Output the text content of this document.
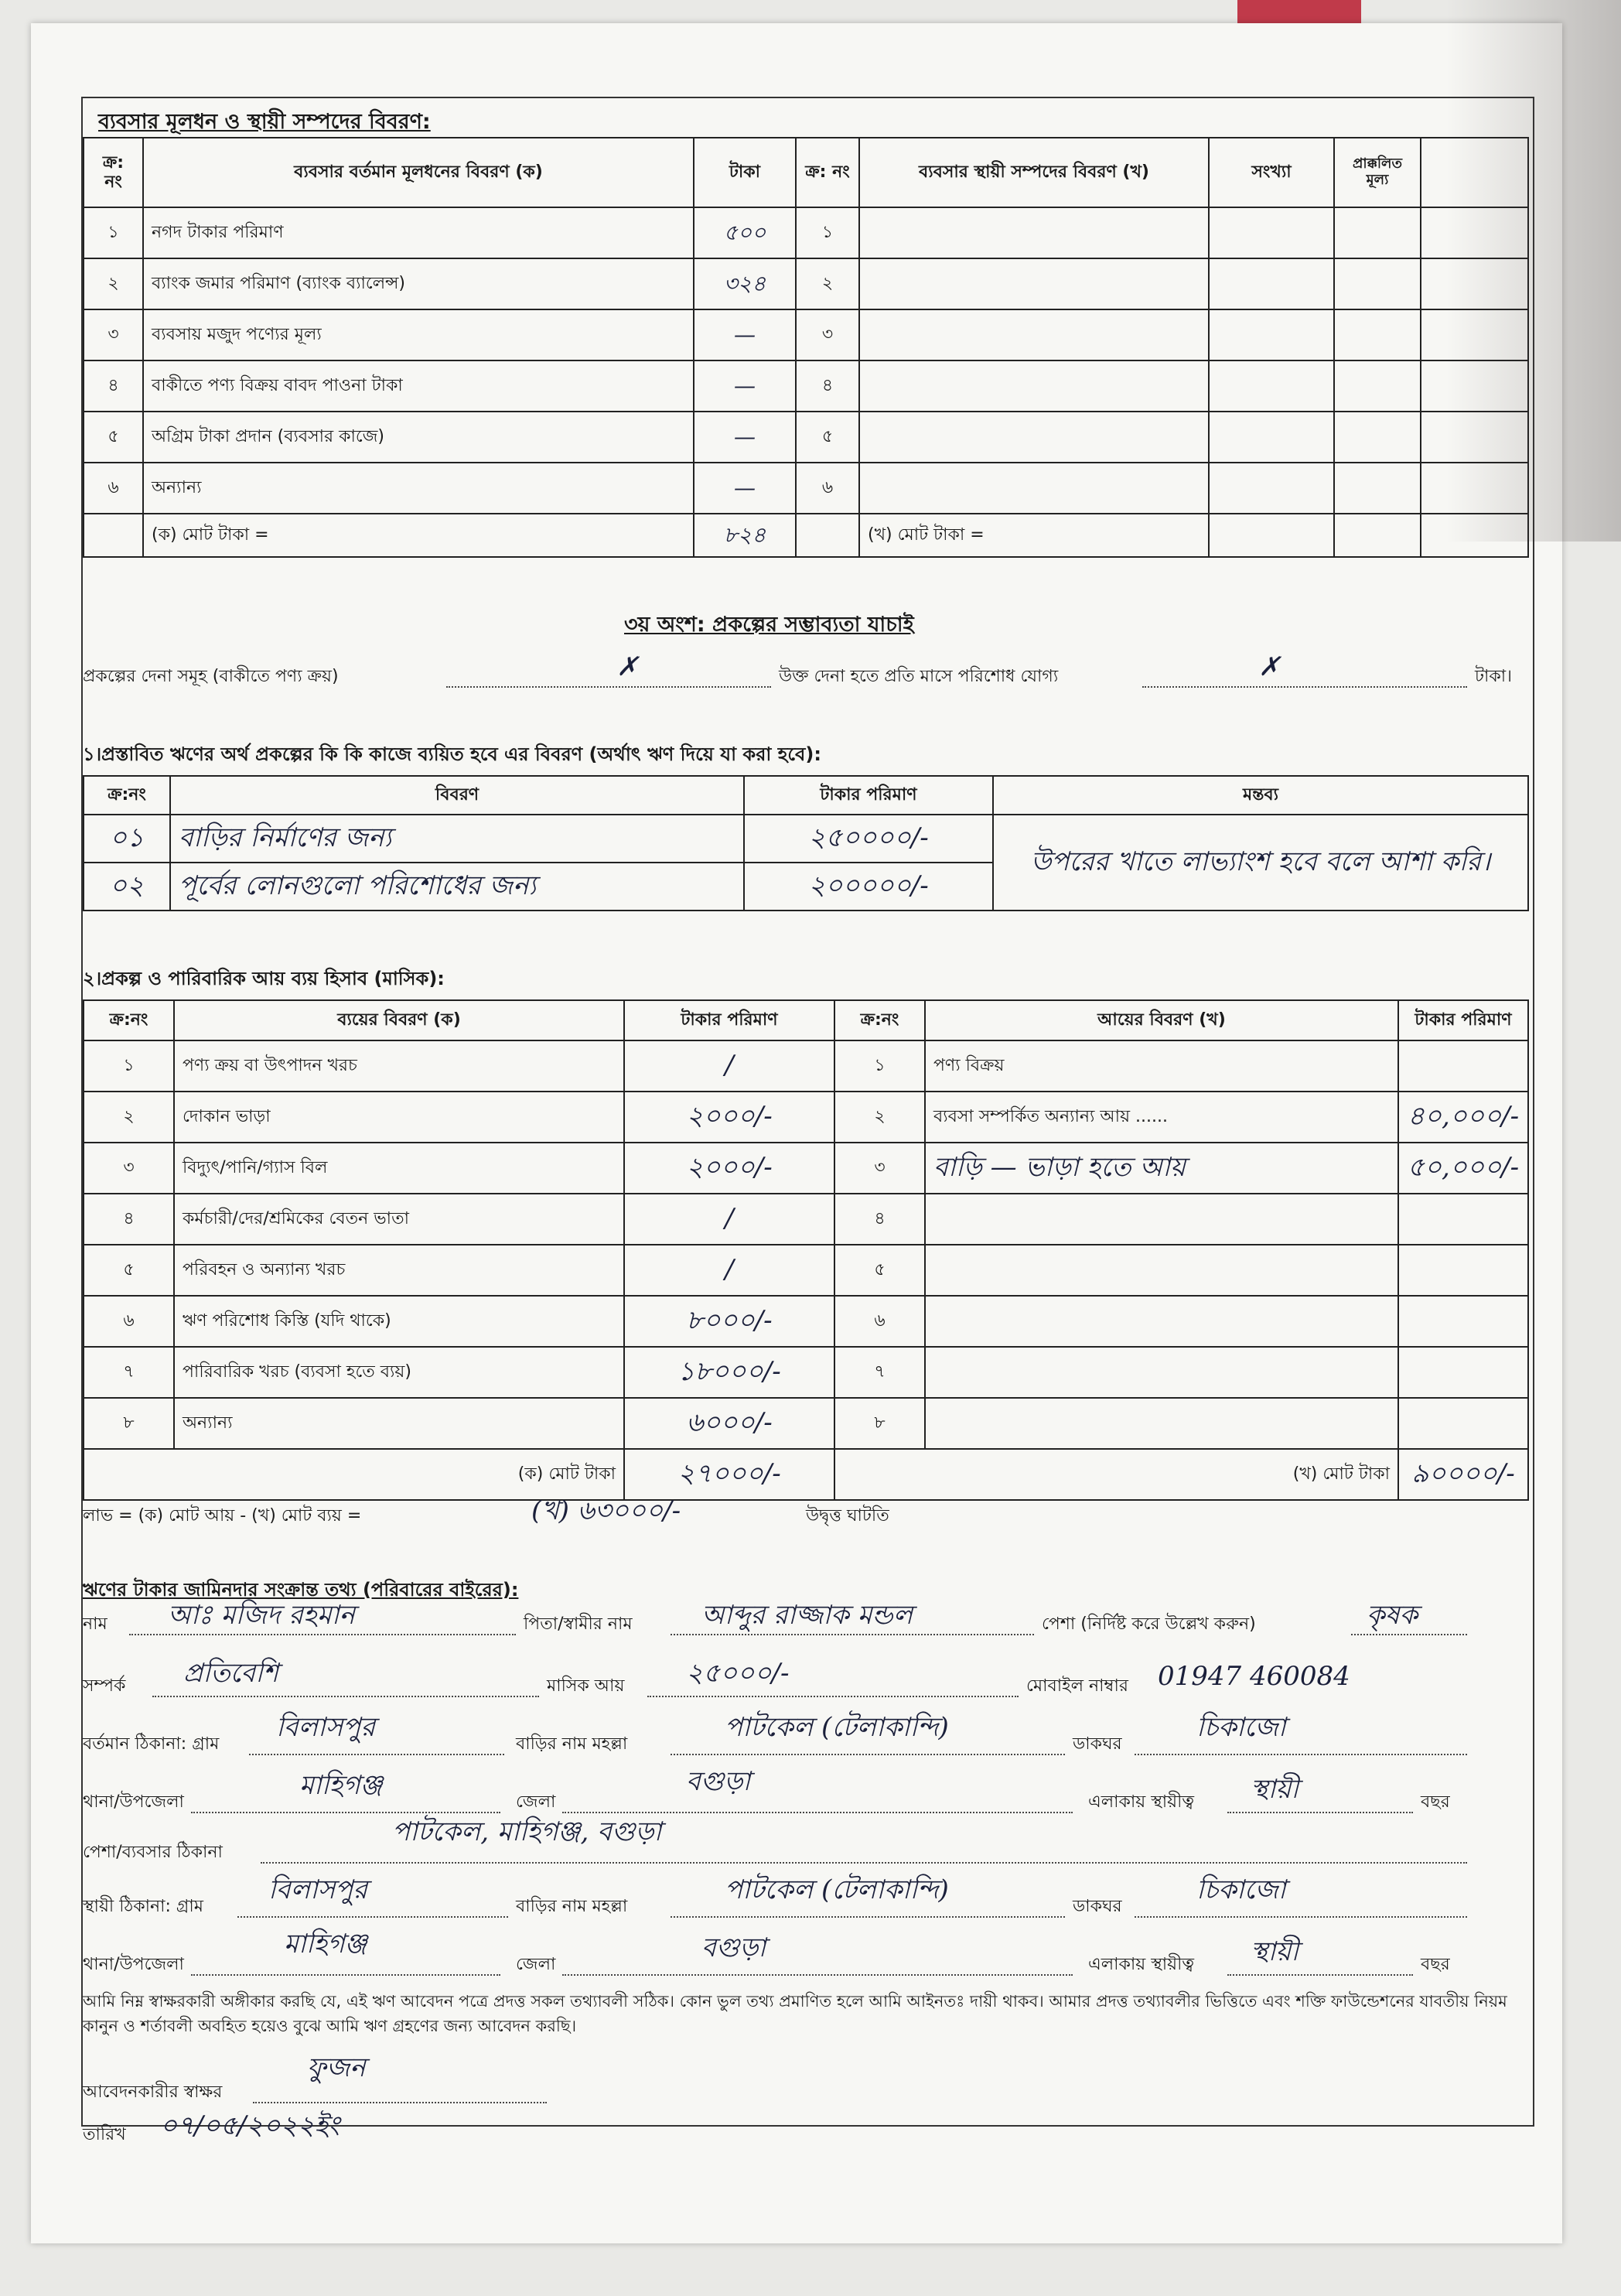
ব্যবসার মূলধন ও স্থায়ী সম্পদের বিবরণ:
ক্র: নং	ব্যবসার বর্তমান মূলধনের বিবরণ (ক)	টাকা	ক্র: নং	ব্যবসার স্থায়ী সম্পদের বিবরণ (খ)	সংখ্যা	প্রাক্কলিত মূল্য	
১	নগদ টাকার পরিমাণ	৫০০	১				
২	ব্যাংক জমার পরিমাণ (ব্যাংক ব্যালেন্স)	৩২৪	২				
৩	ব্যবসায় মজুদ পণ্যের মূল্য	—	৩				
৪	বাকীতে পণ্য বিক্রয় বাবদ পাওনা টাকা	—	৪				
৫	অগ্রিম টাকা প্রদান (ব্যবসার কাজে)	—	৫				
৬	অন্যান্য	—	৬				
	(ক) মোট টাকা =	৮২৪		(খ) মোট টাকা =			
৩য় অংশ: প্রকল্পের সম্ভাব্যতা যাচাই
প্রকল্পের দেনা সমূহ (বাকীতে পণ্য ক্রয়)	✗	উক্ত দেনা হতে প্রতি মাসে পরিশোধ যোগ্য	✗	টাকা।
১।প্রস্তাবিত ঋণের অর্থ প্রকল্পের কি কি কাজে ব্যয়িত হবে এর বিবরণ (অর্থাৎ ঋণ দিয়ে যা করা হবে):
ক্র:নং	বিবরণ	টাকার পরিমাণ	মন্তব্য
০১	বাড়ির নির্মাণের জন্য	২৫০০০০/-	উপরের খাতে লাভ্যাংশ হবে বলে আশা করি।
০২	পূর্বের লোনগুলো পরিশোধের জন্য	২০০০০০/-	
২।প্রকল্প ও পারিবারিক আয় ব্যয় হিসাব (মাসিক):
ক্র:নং	ব্যয়ের বিবরণ (ক)	টাকার পরিমাণ	ক্র:নং	আয়ের বিবরণ (খ)	টাকার পরিমাণ
১	পণ্য ক্রয় বা উৎপাদন খরচ	/	১	পণ্য বিক্রয়	
২	দোকান ভাড়া	২০০০/-	২	ব্যবসা সম্পর্কিত অন্যান্য আয় ......	৪০,০০০/-
৩	বিদ্যুৎ/পানি/গ্যাস বিল	২০০০/-	৩	বাড়ি — ভাড়া হতে আয়	৫০,০০০/-
৪	কর্মচারী/দের/শ্রমিকের বেতন ভাতা	/	৪		
৫	পরিবহন ও অন্যান্য খরচ	/	৫		
৬	ঋণ পরিশোধ কিস্তি (যদি থাকে)	৮০০০/-	৬		
৭	পারিবারিক খরচ (ব্যবসা হতে ব্যয়)	১৮০০০/-	৭		
৮	অন্যান্য	৬০০০/-	৮		
(ক) মোট টাকা		২৭০০০/-	(খ) মোট টাকা		৯০০০০/-
লাভ = (ক) মোট আয় - (খ) মোট ব্যয় =	(খ) ৬৩০০০/-	উদ্বৃত্ত ঘাটতি
ঋণের টাকার জামিনদার সংক্রান্ত তথ্য (পরিবারের বাইরের):
নাম আঃ মজিদ রহমান	পিতা/স্বামীর নাম	আব্দুর রাজ্জাক মন্ডল	পেশা (নির্দিষ্ট করে উল্লেখ করুন)	কৃষক
সম্পর্ক প্রতিবেশি	মাসিক আয় ২৫০০০/-	মোবাইল নাম্বার 01947 460084
বর্তমান ঠিকানা: গ্রাম
বিলাসপুর
বাড়ির নাম মহল্লা
পাটকেল (টেলাকান্দি)
ডাকঘর
চিকাজো
থানা/উপজেলা
মাহিগঞ্জ
জেলা
বগুড়া
এলাকায় স্থায়ীত্ব স্থায়ী	বছর
পেশা/ব্যবসার ঠিকানা
পাটকেল, মাহিগঞ্জ, বগুড়া
স্থায়ী ঠিকানা: গ্রাম
বিলাসপুর
বাড়ির নাম মহল্লা
পাটকেল (টেলাকান্দি)
ডাকঘর
চিকাজো
থানা/উপজেলা
মাহিগঞ্জ
জেলা
বগুড়া
এলাকায় স্থায়ীত্ব স্থায়ী	বছর
আমি নিম্ন স্বাক্ষরকারী অঙ্গীকার করছি যে, এই ঋণ আবেদন পত্রে প্রদত্ত সকল তথ্যাবলী সঠিক। কোন ভুল তথ্য প্রমাণিত হলে আমি আইনতঃ দায়ী থাকব। আমার প্রদত্ত তথ্যাবলীর ভিত্তিতে এবং শক্তি ফাউন্ডেশনের যাবতীয় নিয়ম কানুন ও শর্তাবলী অবহিত হয়েও বুঝে আমি ঋণ গ্রহণের জন্য আবেদন করছি।
আবেদনকারীর স্বাক্ষর
ফুজন
তারিখ ০৭/০৫/২০২২ইং
